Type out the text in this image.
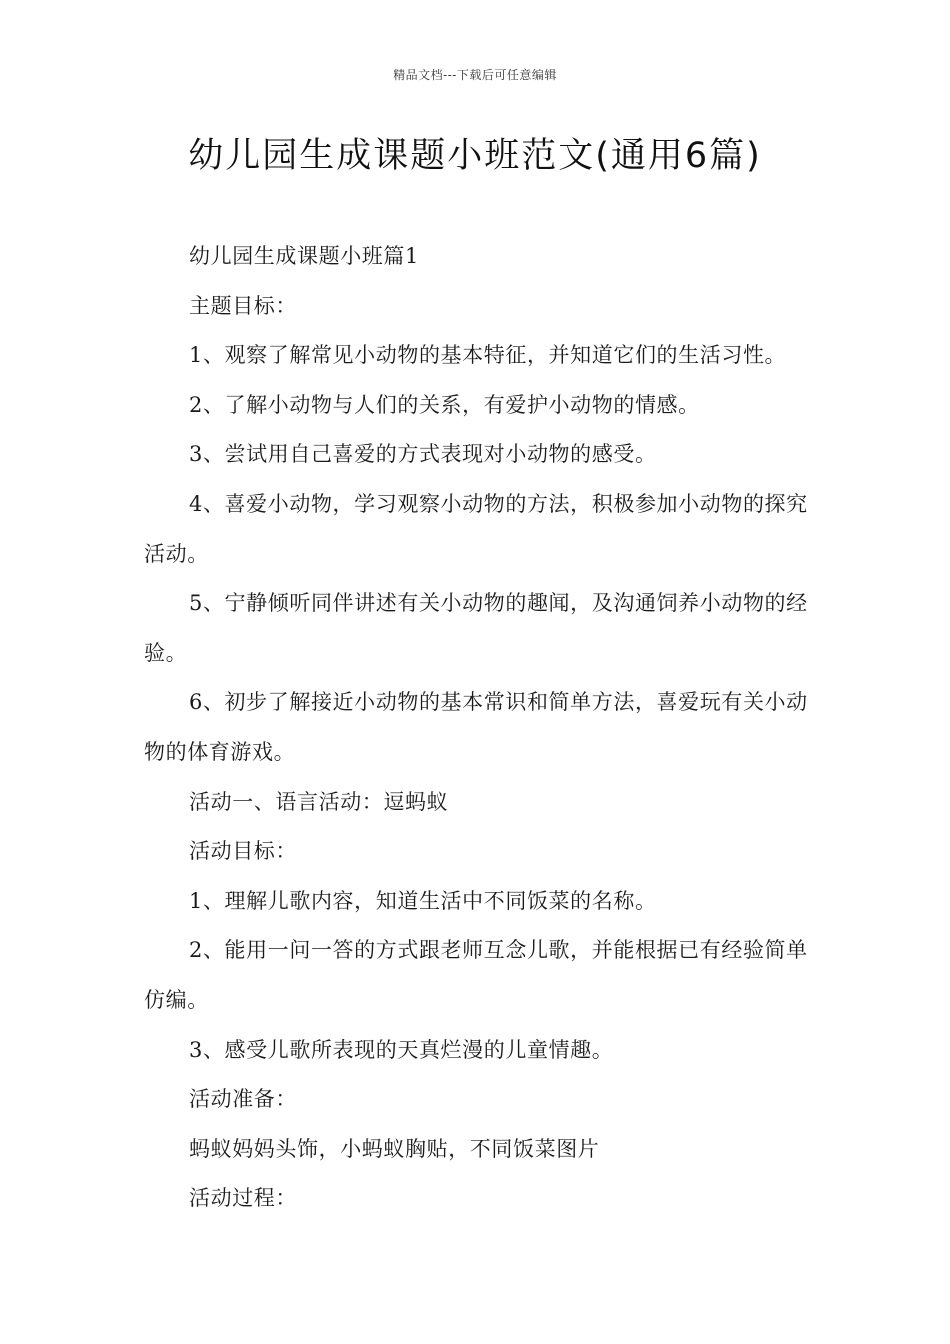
精品文档---下载后可任意编辑
幼儿园生成课题小班范文(通用6篇)

幼儿园生成课题小班篇1

主题目标：

1、观察了解常见小动物的基本特征，并知道它们的生活习性。

2、了解小动物与人们的关系，有爱护小动物的情感。

3、尝试用自己喜爱的方式表现对小动物的感受。

4、喜爱小动物，学习观察小动物的方法，积极参加小动物的探究活动。

5、宁静倾听同伴讲述有关小动物的趣闻，及沟通饲养小动物的经验。

6、初步了解接近小动物的基本常识和简单方法，喜爱玩有关小动物的体育游戏。

活动一、语言活动：逗蚂蚁

活动目标：

1、理解儿歌内容，知道生活中不同饭菜的名称。

2、能用一问一答的方式跟老师互念儿歌，并能根据已有经验简单仿编。

3、感受儿歌所表现的天真烂漫的儿童情趣。

活动准备：

蚂蚁妈妈头饰，小蚂蚁胸贴，不同饭菜图片

活动过程：
